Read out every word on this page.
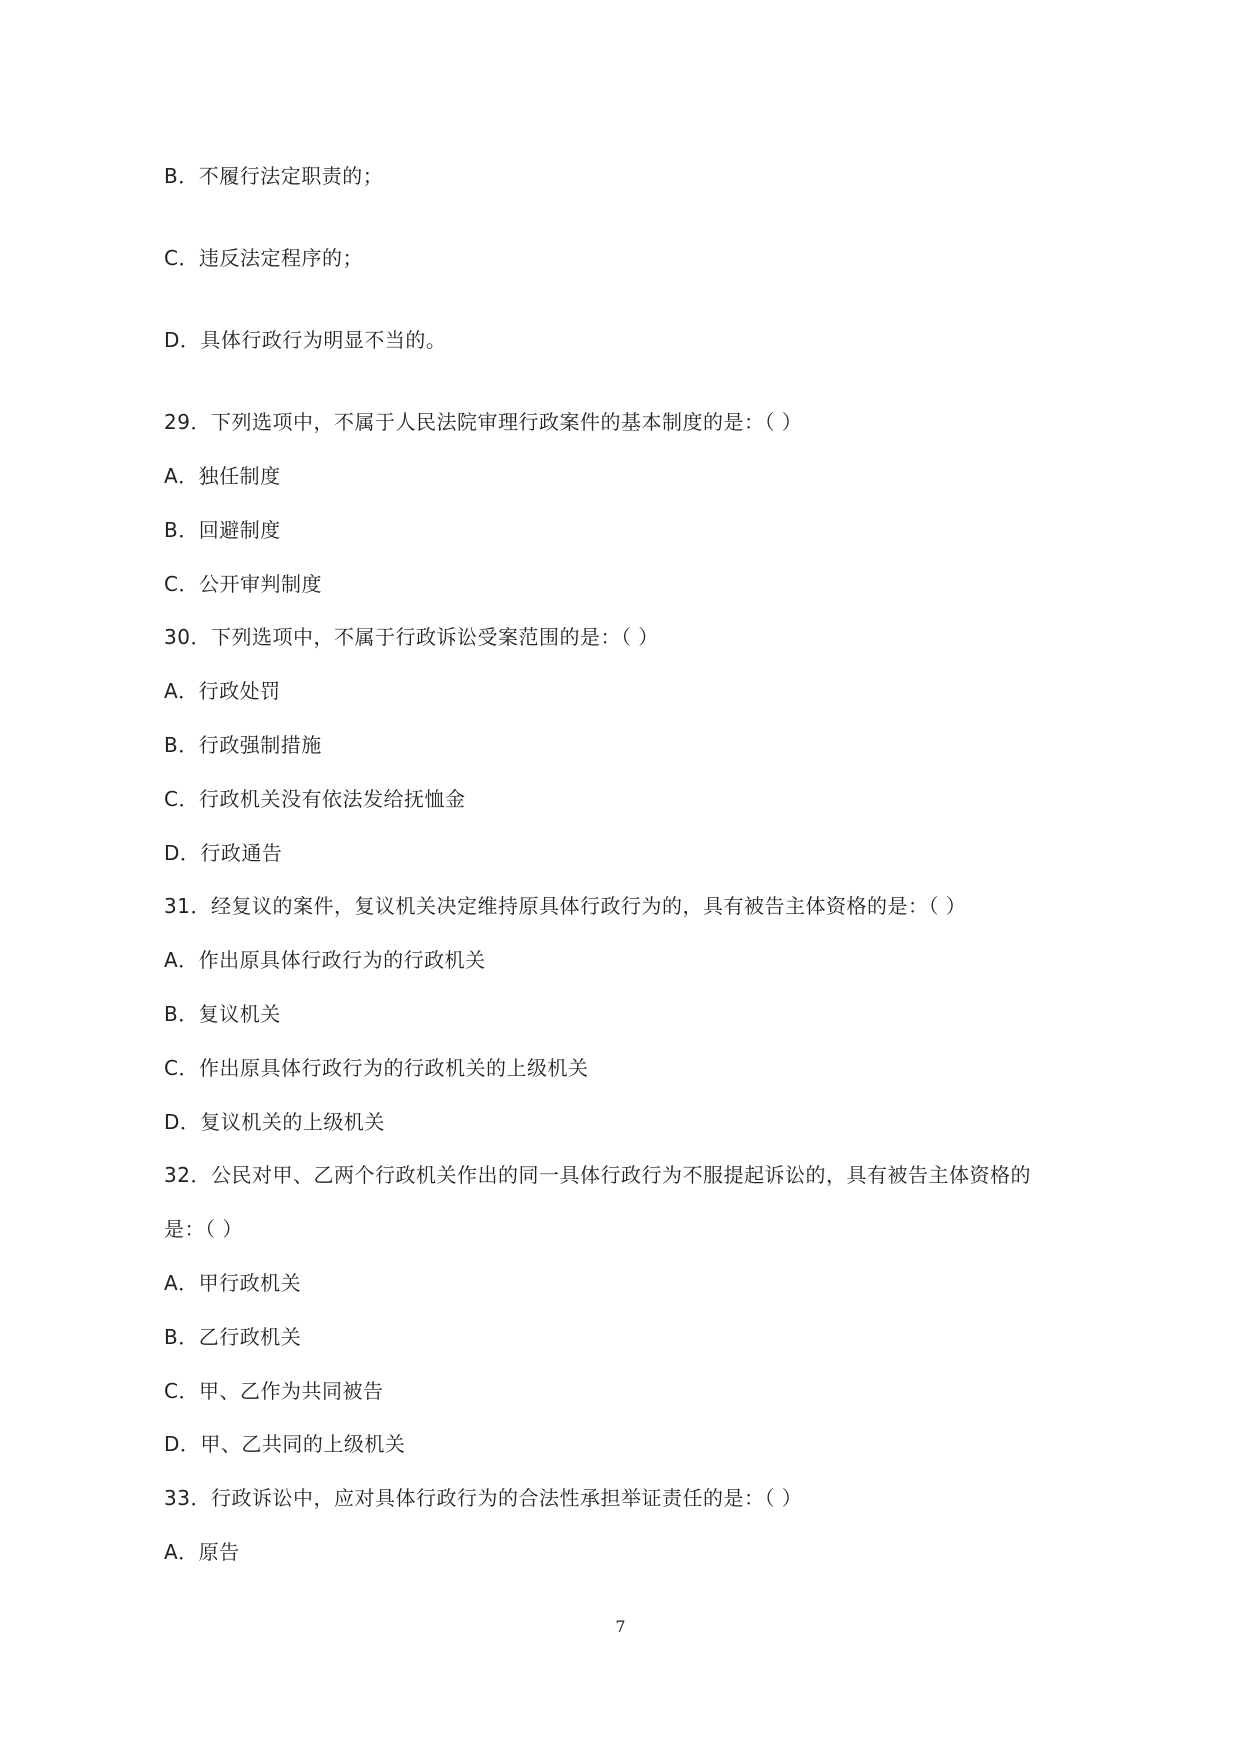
B．不履行法定职责的；
C．违反法定程序的；
D．具体行政行为明显不当的。
29．下列选项中，不属于人民法院审理行政案件的基本制度的是：（ ）
A．独任制度
B．回避制度
C．公开审判制度
30．下列选项中，不属于行政诉讼受案范围的是：（ ）
A．行政处罚
B．行政强制措施
C．行政机关没有依法发给抚恤金
D．行政通告
31．经复议的案件，复议机关决定维持原具体行政行为的，具有被告主体资格的是：（ ）
A．作出原具体行政行为的行政机关
B．复议机关
C．作出原具体行政行为的行政机关的上级机关
D．复议机关的上级机关
32．公民对甲、乙两个行政机关作出的同一具体行政行为不服提起诉讼的，具有被告主体资格的
是：（ ）
A．甲行政机关
B．乙行政机关
C．甲、乙作为共同被告
D．甲、乙共同的上级机关
33．行政诉讼中，应对具体行政行为的合法性承担举证责任的是：（ ）
A．原告
7
